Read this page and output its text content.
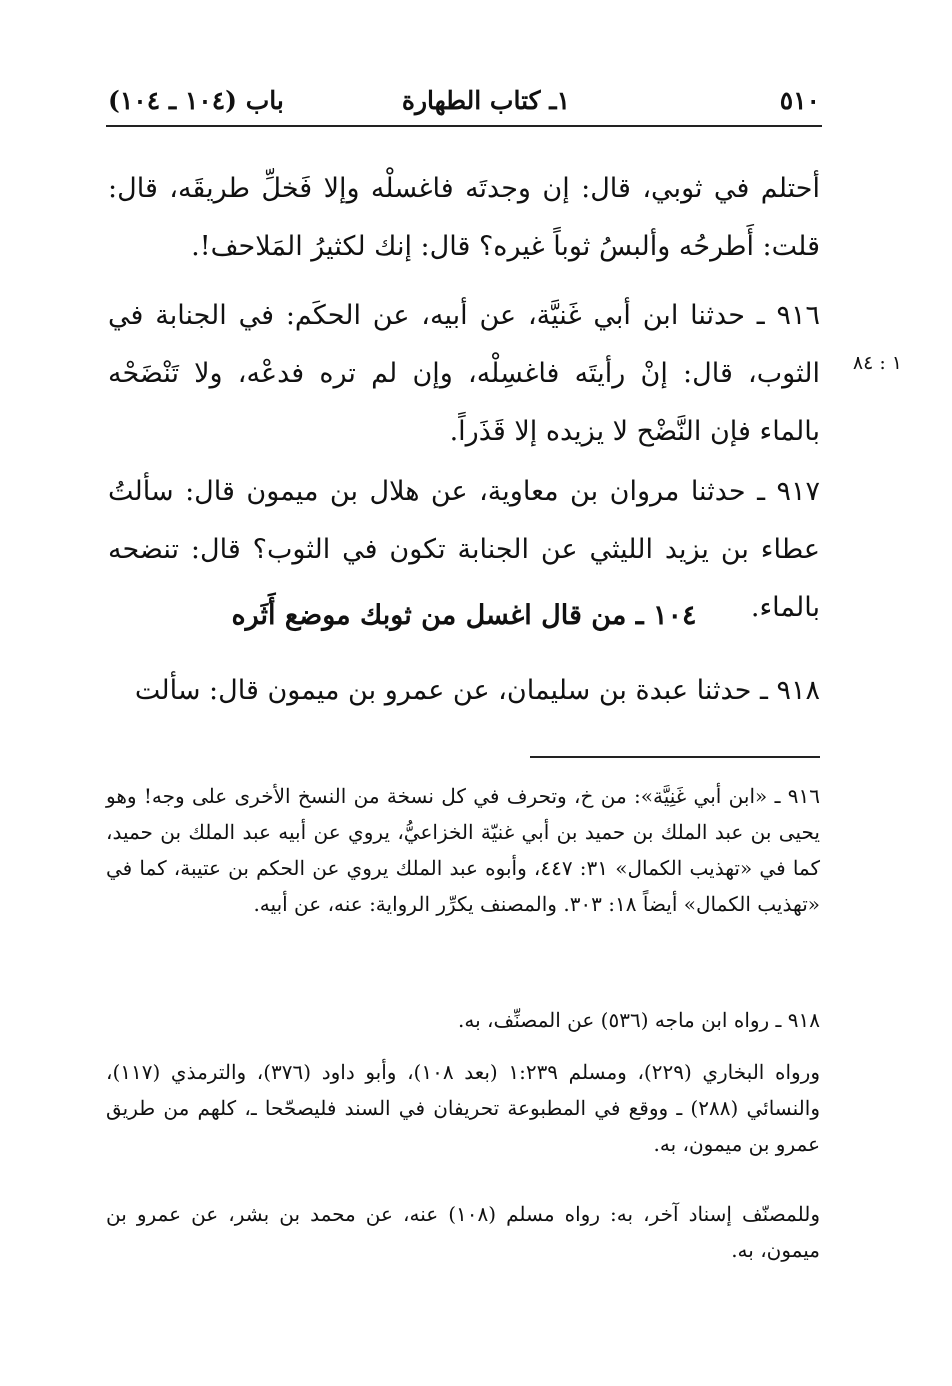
٥١٠
١ـ كتاب الطهارة
باب (١٠٤ ـ ١٠٤)

أحتلم في ثوبي، قال: إن وجدتَه فاغسلْه وإلا فَخلِّ طريقَه، قال: قلت: أَطرحُه وألبسُ ثوباً غيره؟ قال: إنك لكثيرُ المَلاحف!.

٩١٦ ـ حدثنا ابن أبي غَنيَّة، عن أبيه، عن الحكَم: في الجنابة في الثوب، قال: إنْ رأيتَه فاغسِلْه، وإن لم تره فدعْه، ولا تَنْضَحْه بالماء فإن النَّضْح لا يزيده إلا قَذَراً.

١ : ٨٤

٩١٧ ـ حدثنا مروان بن معاوية، عن هلال بن ميمون قال: سألتُ عطاء بن يزيد الليثي عن الجنابة تكون في الثوب؟ قال: تنضحه بالماء.

١٠٤ ـ من قال اغسل من ثوبك موضع أَثَره

٩١٨ ـ حدثنا عبدة بن سليمان، عن عمرو بن ميمون قال: سألت

٩١٦ ـ «ابن أبي غَنِيَّة»: من خ، وتحرف في كل نسخة من النسخ الأخرى على وجه! وهو يحيى بن عبد الملك بن حميد بن أبي غنيّة الخزاعيُّ، يروي عن أبيه عبد الملك بن حميد، كما في «تهذيب الكمال» ٣١: ٤٤٧، وأبوه عبد الملك يروي عن الحكم بن عتيبة، كما في «تهذيب الكمال» أيضاً ١٨: ٣٠٣. والمصنف يكرِّر الرواية: عنه، عن أبيه.

٩١٨ ـ رواه ابن ماجه (٥٣٦) عن المصنِّف، به.

ورواه البخاري (٢٢٩)، ومسلم ١:٢٣٩ (بعد ١٠٨)، وأبو داود (٣٧٦)، والترمذي (١١٧)، والنسائي (٢٨٨) ـ ووقع في المطبوعة تحريفان في السند فليصحّحا ـ، كلهم من طريق عمرو بن ميمون، به.

وللمصنّف إسناد آخر، به: رواه مسلم (١٠٨) عنه، عن محمد بن بشر، عن عمرو بن ميمون، به.
